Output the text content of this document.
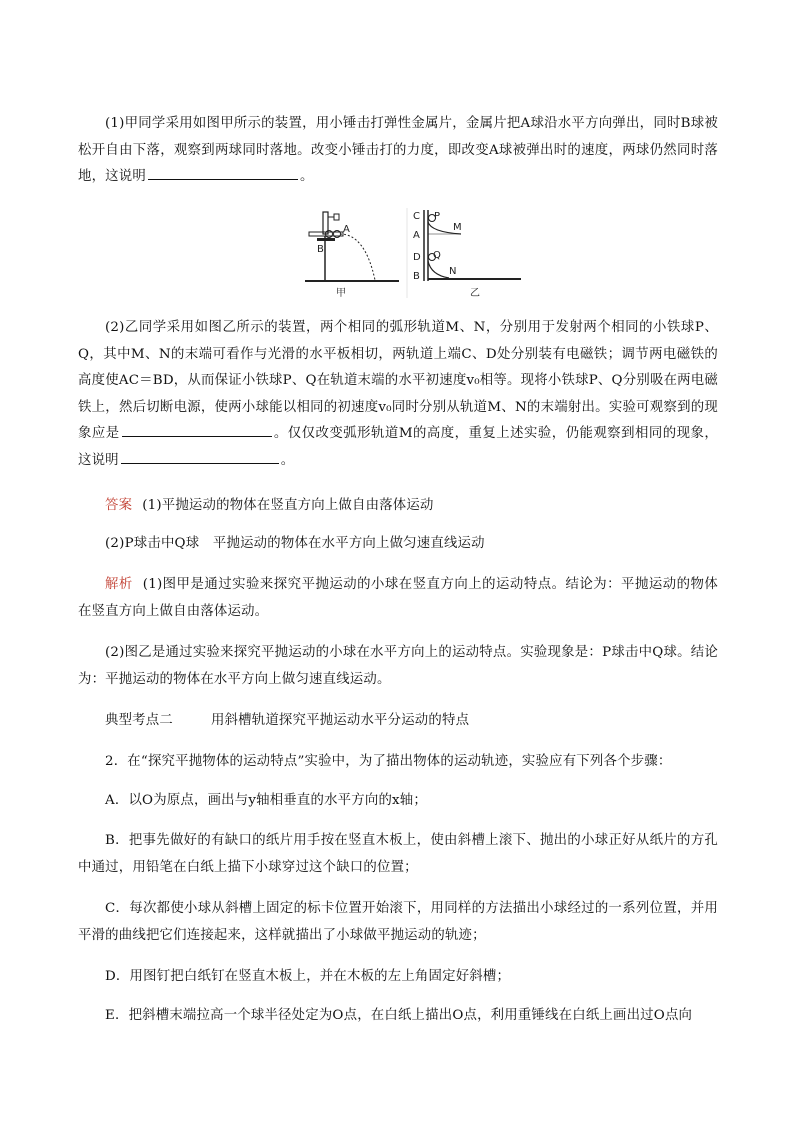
(1)甲同学采用如图甲所示的装置，用小锤击打弹性金属片，金属片把A球沿水平方向弹出，同时B球被松开自由下落，观察到两球同时落地。改变小锤击打的力度，即改变A球被弹出时的速度，两球仍然同时落地，这说明	。
A
B
甲
C P
M
A
D Q
N
B
乙
(2)乙同学采用如图乙所示的装置，两个相同的弧形轨道M、N，分别用于发射两个相同的小铁球P、Q，其中M、N的末端可看作与光滑的水平板相切，两轨道上端C、D处分别装有电磁铁；调节两电磁铁的高度使AC＝BD，从而保证小铁球P、Q在轨道末端的水平初速度v₀相等。现将小铁球P、Q分别吸在两电磁铁上，然后切断电源，使两小球能以相同的初速度v₀同时分别从轨道M、N的末端射出。实验可观察到的现象应是	。仅仅改变弧形轨道M的高度，重复上述实验，仍能观察到相同的现象，这说明	。
答案 (1)平抛运动的物体在竖直方向上做自由落体运动
(2)P球击中Q球　平抛运动的物体在水平方向上做匀速直线运动
解析 (1)图甲是通过实验来探究平抛运动的小球在竖直方向上的运动特点。结论为：平抛运动的物体在竖直方向上做自由落体运动。
(2)图乙是通过实验来探究平抛运动的小球在水平方向上的运动特点。实验现象是：P球击中Q球。结论为：平抛运动的物体在水平方向上做匀速直线运动。
典型考点二	用斜槽轨道探究平抛运动水平分运动的特点
2．在“探究平抛物体的运动特点”实验中，为了描出物体的运动轨迹，实验应有下列各个步骤：
A．以O为原点，画出与y轴相垂直的水平方向的x轴；
B．把事先做好的有缺口的纸片用手按在竖直木板上，使由斜槽上滚下、抛出的小球正好从纸片的方孔中通过，用铅笔在白纸上描下小球穿过这个缺口的位置；
C．每次都使小球从斜槽上固定的标卡位置开始滚下，用同样的方法描出小球经过的一系列位置，并用平滑的曲线把它们连接起来，这样就描出了小球做平抛运动的轨迹；
D．用图钉把白纸钉在竖直木板上，并在木板的左上角固定好斜槽；
E．把斜槽末端拉高一个球半径处定为O点，在白纸上描出O点，利用重锤线在白纸上画出过O点向
